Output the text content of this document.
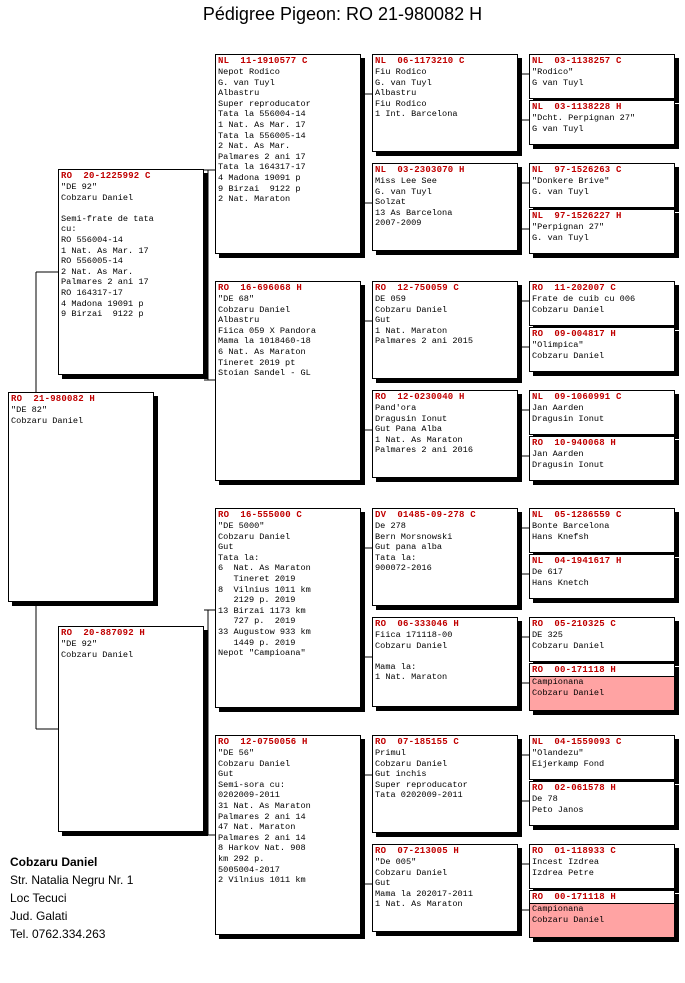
Pédigree Pigeon: RO 21-980082 H
RO  21-980082 H
"DE 82"
Cobzaru Daniel
RO  20-1225992 C
"DE 92"
Cobzaru Daniel
Semi-frate de tata
cu:
RO 556004-14
1 Nat. As Mar. 17
RO 556005-14
2 Nat. As Mar.
Palmares 2 ani 17
RO 164317-17
4 Madona 19091 p
9 Birzai  9122 p
RO  20-887092 H
"DE 92"
Cobzaru Daniel
NL  11-1910577 C
Nepot Rodico
G. van Tuyl
Albastru
Super reproducator
Tata la 556004-14
1 Nat. As Mar. 17
Tata la 556005-14
2 Nat. As Mar.
Palmares 2 ani 17
Tata la 164317-17
4 Madona 19091 p
9 Birzai  9122 p
2 Nat. Maraton
RO  16-696068 H
"DE 68"
Cobzaru Daniel
Albastru
Fiica 059 X Pandora
Mama la 1018460-18
6 Nat. As Maraton
Tineret 2019 pt
Stoian Sandel - GL
RO  16-555000 C
"DE 5000"
Cobzaru Daniel
Gut
Tata la:
6  Nat. As Maraton
Tineret 2019
8  Vilnius 1011 km
2129 p. 2019
13 Birzai 1173 km
727 p.  2019
33 Augustow 933 km
1449 p. 2019
Nepot "Campioana"
RO  12-0750056 H
"DE 56"
Cobzaru Daniel
Gut
Semi-sora cu:
0202009-2011
31 Nat. As Maraton
Palmares 2 ani 14
47 Nat. Maraton
Palmares 2 ani 14
8 Harkov Nat. 908
km 292 p.
5005004-2017
2 Vilnius 1011 km
NL  06-1173210 C
Fiu Rodico
G. van Tuyl
Albastru
Fiu Rodico
1 Int. Barcelona
NL  03-2303070 H
Miss Lee See
G. van Tuyl
Solzat
13 As Barcelona
2007-2009
RO  12-750059 C
DE 059
Cobzaru Daniel
Gut
1 Nat. Maraton
Palmares 2 ani 2015
RO  12-0230040 H
Pand'ora
Dragusin Ionut
Gut Pana Alba
1 Nat. As Maraton
Palmares 2 ani 2016
DV  01485-09-278 C
De 278
Bern Morsnowski
Gut pana alba
Tata la:
900072-2016
RO  06-333046 H
Fiica 171118-00
Cobzaru Daniel
Mama la:
1 Nat. Maraton
RO  07-185155 C
Primul
Cobzaru Daniel
Gut inchis
Super reproducator
Tata 0202009-2011
RO  07-213005 H
"De 005"
Cobzaru Daniel
Gut
Mama la 202017-2011
1 Nat. As Maraton
NL  03-1138257 C
"Rodico"
G van Tuyl
NL  03-1138228 H
"Dcht. Perpignan 27"
G van Tuyl
NL  97-1526263 C
"Donkere Brive"
G. van Tuyl
NL  97-1526227 H
"Perpignan 27"
G. van Tuyl
RO  11-202007 C
Frate de cuib cu 006
Cobzaru Daniel
RO  09-004817 H
"Olimpica"
Cobzaru Daniel
NL  09-1060991 C
Jan Aarden
Dragusin Ionut
RO  10-940068 H
Jan Aarden
Dragusin Ionut
NL  05-1286559 C
Bonte Barcelona
Hans Knefsh
NL  04-1941617 H
De 617
Hans Knetch
RO  05-210325 C
DE 325
Cobzaru Daniel
RO  00-171118 H
Campionana
Cobzaru Daniel
NL  04-1559093 C
"Olandezu"
Eijerkamp Fond
RO  02-061578 H
De 78
Peto Janos
RO  01-118933 C
Incest Izdrea
Izdrea Petre
RO  00-171118 H
Campionana
Cobzaru Daniel
Cobzaru Daniel
Str. Natalia Negru Nr. 1
Loc Tecuci
Jud. Galati
Tel. 0762.334.263
